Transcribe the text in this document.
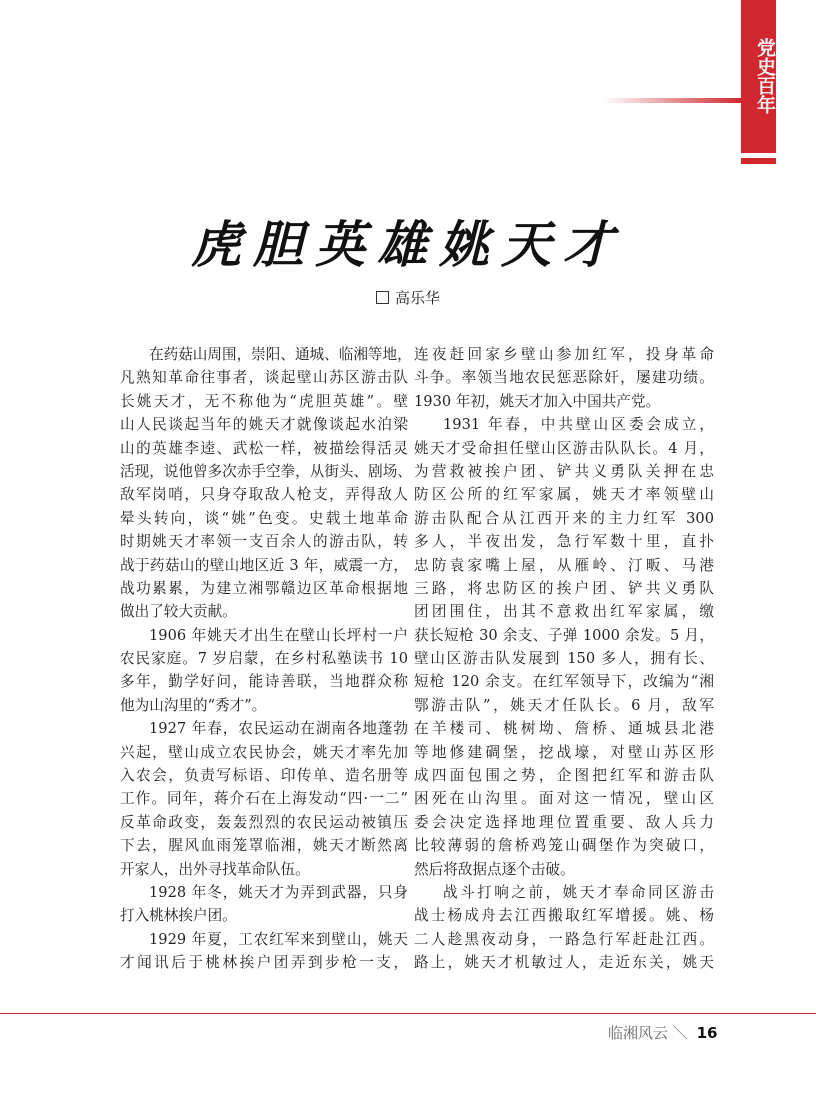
党史百年
虎胆英雄姚天才
高乐华
在药菇山周围，崇阳、通城、临湘等地，
凡熟知革命往事者，谈起壁山苏区游击队
长姚天才，无不称他为“虎胆英雄”。壁
山人民谈起当年的姚天才就像谈起水泊梁
山的英雄李逵、武松一样，被描绘得活灵
活现，说他曾多次赤手空拳，从街头、剧场、
敌军岗哨，只身夺取敌人枪支，弄得敌人
晕头转向，谈“姚”色变。史载土地革命
时期姚天才率领一支百余人的游击队，转
战于药菇山的壁山地区近 3 年，威震一方，
战功累累，为建立湘鄂赣边区革命根据地
做出了较大贡献。
1906 年姚天才出生在壁山长坪村一户
农民家庭。7 岁启蒙，在乡村私塾读书 10
多年，勤学好问，能诗善联，当地群众称
他为山沟里的“秀才”。
1927 年春，农民运动在湖南各地蓬勃
兴起，壁山成立农民协会，姚天才率先加
入农会，负责写标语、印传单、造名册等
工作。同年，蒋介石在上海发动“四·一二”
反革命政变，轰轰烈烈的农民运动被镇压
下去，腥风血雨笼罩临湘，姚天才断然离
开家人，出外寻找革命队伍。
1928 年冬，姚天才为弄到武器，只身
打入桃林挨户团。
1929 年夏，工农红军来到壁山，姚天
才闻讯后于桃林挨户团弄到步枪一支，
连夜赶回家乡壁山参加红军，投身革命
斗争。率领当地农民惩恶除奸，屡建功绩。
1930 年初，姚天才加入中国共产党。
1931 年春，中共壁山区委会成立，
姚天才受命担任壁山区游击队队长。4 月，
为营救被挨户团、铲共义勇队关押在忠
防区公所的红军家属，姚天才率领壁山
游击队配合从江西开来的主力红军 300
多人，半夜出发，急行军数十里，直扑
忠防袁家嘴上屋，从雁岭、汀畈、马港
三路，将忠防区的挨户团、铲共义勇队
团团围住，出其不意救出红军家属，缴
获长短枪 30 余支、子弹 1000 余发。5 月，
壁山区游击队发展到 150 多人，拥有长、
短枪 120 余支。在红军领导下，改编为“湘
鄂游击队”，姚天才任队长。6 月，敌军
在羊楼司、桃树坳、詹桥、通城县北港
等地修建碉堡，挖战壕，对壁山苏区形
成四面包围之势，企图把红军和游击队
困死在山沟里。面对这一情况，壁山区
委会决定选择地理位置重要、敌人兵力
比较薄弱的詹桥鸡笼山碉堡作为突破口，
然后将敌据点逐个击破。
战斗打响之前，姚天才奉命同区游击
战士杨成舟去江西搬取红军增援。姚、杨
二人趁黑夜动身，一路急行军赶赴江西。
路上，姚天才机敏过人，走近东关，姚天
临湘风云 ＼ 16
